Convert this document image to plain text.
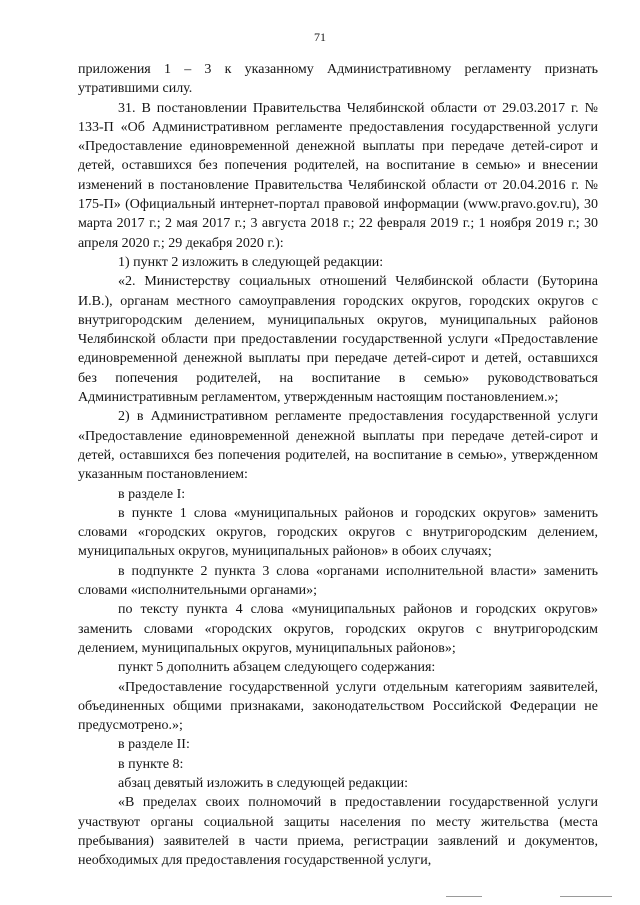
71

приложения 1 – 3 к указанному Административному регламенту признать утратившими силу.

31. В постановлении Правительства Челябинской области от 29.03.2017 г. № 133-П «Об Административном регламенте предоставления государственной услуги «Предоставление единовременной денежной выплаты при передаче детей-сирот и детей, оставшихся без попечения родителей, на воспитание в семью» и внесении изменений в постановление Правительства Челябинской области от 20.04.2016 г. № 175-П» (Официальный интернет-портал правовой информации (www.pravo.gov.ru), 30 марта 2017 г.; 2 мая 2017 г.; 3 августа 2018 г.; 22 февраля 2019 г.; 1 ноября 2019 г.; 30 апреля 2020 г.; 29 декабря 2020 г.):

1) пункт 2 изложить в следующей редакции:

«2. Министерству социальных отношений Челябинской области (Буторина И.В.), органам местного самоуправления городских округов, городских округов с внутригородским делением, муниципальных округов, муниципальных районов Челябинской области при предоставлении государственной услуги «Предоставление единовременной денежной выплаты при передаче детей-сирот и детей, оставшихся без попечения родителей, на воспитание в семью» руководствоваться Административным регламентом, утвержденным настоящим постановлением.»;

2) в Административном регламенте предоставления государственной услуги «Предоставление единовременной денежной выплаты при передаче детей-сирот и детей, оставшихся без попечения родителей, на воспитание в семью», утвержденном указанным постановлением:

в разделе I:

в пункте 1 слова «муниципальных районов и городских округов» заменить словами «городских округов, городских округов с внутригородским делением, муниципальных округов, муниципальных районов» в обоих случаях;

в подпункте 2 пункта 3 слова «органами исполнительной власти» заменить словами «исполнительными органами»;

по тексту пункта 4 слова «муниципальных районов и городских округов» заменить словами «городских округов, городских округов с внутригородским делением, муниципальных округов, муниципальных районов»;

пункт 5 дополнить абзацем следующего содержания:

«Предоставление государственной услуги отдельным категориям заявителей, объединенных общими признаками, законодательством Российской Федерации не предусмотрено.»;

в разделе II:

в пункте 8:

абзац девятый изложить в следующей редакции:

«В пределах своих полномочий в предоставлении государственной услуги участвуют органы социальной защиты населения по месту жительства (места пребывания) заявителей в части приема, регистрации заявлений и документов, необходимых для предоставления государственной услуги,
